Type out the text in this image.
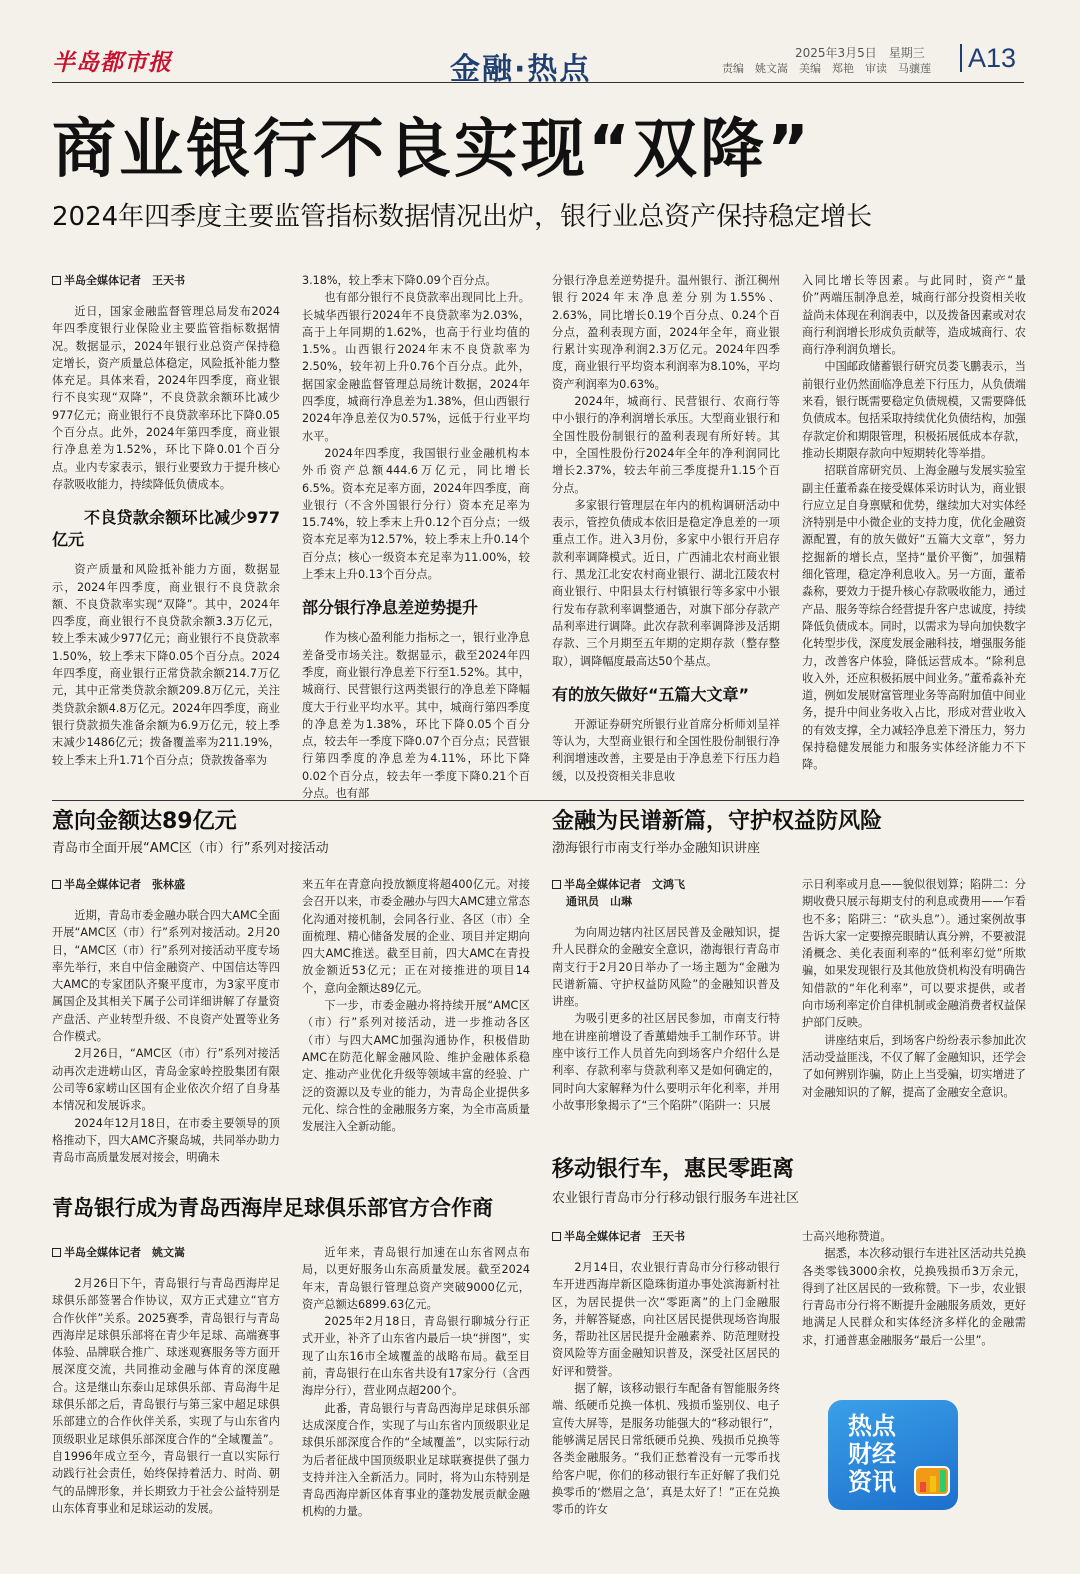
半岛都市报	金融·热点	2025年3月5日　星期三
责编　姚文嵩　美编　郑艳　审读　马骧莲 A13
商业银行不良实现“双降”
2024年四季度主要监管指标数据情况出炉，银行业总资产保持稳定增长
半岛全媒体记者　王天书

近日，国家金融监督管理总局发布2024年四季度银行业保险业主要监管指标数据情况。数据显示，2024年银行业总资产保持稳定增长，资产质量总体稳定，风险抵补能力整体充足。具体来看，2024年四季度，商业银行不良实现“双降”，不良贷款余额环比减少977亿元；商业银行不良贷款率环比下降0.05个百分点。此外，2024年第四季度，商业银行净息差为1.52%，环比下降0.01个百分点。业内专家表示，银行业要致力于提升核心存款吸收能力，持续降低负债成本。

不良贷款余额环比减少977亿元

资产质量和风险抵补能力方面，数据显示，2024年四季度，商业银行不良贷款余额、不良贷款率实现“双降”。其中，2024年四季度，商业银行不良贷款余额3.3万亿元，较上季末减少977亿元；商业银行不良贷款率1.50%，较上季末下降0.05个百分点。2024年四季度，商业银行正常贷款余额214.7万亿元，其中正常类贷款余额209.8万亿元，关注类贷款余额4.8万亿元。2024年四季度，商业银行贷款损失准备余额为6.9万亿元，较上季末减少1486亿元；拨备覆盖率为211.19%，较上季末上升1.71个百分点；贷款拨备率为

3.18%，较上季末下降0.09个百分点。

也有部分银行不良贷款率出现同比上升。长城华西银行2024年不良贷款率为2.03%，高于上年同期的1.62%，也高于行业均值的1.5%。山西银行2024年末不良贷款率为2.50%，较年初上升0.76个百分点。此外，据国家金融监督管理总局统计数据，2024年四季度，城商行净息差为1.38%，但山西银行2024年净息差仅为0.57%，远低于行业平均水平。

2024年四季度，我国银行业金融机构本外币资产总额444.6万亿元，同比增长6.5%。资本充足率方面，2024年四季度，商业银行（不含外国银行分行）资本充足率为15.74%，较上季末上升0.12个百分点；一级资本充足率为12.57%，较上季末上升0.14个百分点；核心一级资本充足率为11.00%，较上季末上升0.13个百分点。

部分银行净息差逆势提升

作为核心盈利能力指标之一，银行业净息差备受市场关注。数据显示，截至2024年四季度，商业银行净息差下行至1.52%。其中，城商行、民营银行这两类银行的净息差下降幅度大于行业平均水平。其中，城商行第四季度的净息差为1.38%，环比下降0.05个百分点，较去年一季度下降0.07个百分点；民营银行第四季度的净息差为4.11%，环比下降0.02个百分点，较去年一季度下降0.21个百分点。也有部

分银行净息差逆势提升。温州银行、浙江稠州银行2024年末净息差分别为1.55%、2.63%，同比增长0.19个百分点、0.24个百分点，盈利表现方面，2024年全年，商业银行累计实现净利润2.3万亿元。2024年四季度，商业银行平均资本利润率为8.10%，平均资产利润率为0.63%。

2024年，城商行、民营银行、农商行等中小银行的净利润增长承压。大型商业银行和全国性股份制银行的盈利表现有所好转。其中，全国性股份行2024年全年的净利润同比增长2.37%，较去年前三季度提升1.15个百分点。

多家银行管理层在年内的机构调研活动中表示，管控负债成本依旧是稳定净息差的一项重点工作。进入3月份，多家中小银行开启存款利率调降模式。近日，广西浦北农村商业银行、黑龙江北安农村商业银行、湖北江陵农村商业银行、中阳县太行村镇银行等多家中小银行发布存款利率调整通告，对旗下部分存款产品利率进行调降。此次存款利率调降涉及活期存款、三个月期至五年期的定期存款（整存整取），调降幅度最高达50个基点。

有的放矢做好“五篇大文章”

开源证券研究所银行业首席分析师刘呈祥等认为，大型商业银行和全国性股份制银行净利润增速改善，主要是由于净息差下行压力趋缓，以及投资相关非息收

入同比增长等因素。与此同时，资产“量价”两端压制净息差，城商行部分投资相关收益尚未体现在利润表中，以及拨备因素或对农商行利润增长形成负贡献等，造成城商行、农商行净利润负增长。

中国邮政储蓄银行研究员娄飞鹏表示，当前银行业仍然面临净息差下行压力，从负债端来看，银行既需要稳定负债规模，又需要降低负债成本。包括采取持续优化负债结构，加强存款定价和期限管理，积极拓展低成本存款，推动长期限存款向中短期转化等举措。

招联首席研究员、上海金融与发展实验室副主任董希淼在接受媒体采访时认为，商业银行应立足自身禀赋和优势，继续加大对实体经济特别是中小微企业的支持力度，优化金融资源配置，有的放矢做好“五篇大文章”，努力挖掘新的增长点，坚持“量价平衡”，加强精细化管理，稳定净利息收入。另一方面，董希淼称，要效力于提升核心存款吸收能力，通过产品、服务等综合经营提升客户忠诚度，持续降低负债成本。同时，以需求为导向加快数字化转型步伐，深度发展金融科技，增强服务能力，改善客户体验，降低运营成本。“除利息收入外，还应积极拓展中间业务。”董希淼补充道，例如发展财富管理业务等高附加值中间业务，提升中间业务收入占比，形成对营业收入的有效支撑，全力减轻净息差下滑压力，努力保持稳健发展能力和服务实体经济能力不下降。

意向金额达89亿元
青岛市全面开展“AMC区（市）行”系列对接活动
半岛全媒体记者　张林盛

近期，青岛市委金融办联合四大AMC全面开展“AMC区（市）行”系列对接活动。2月20日，“AMC区（市）行”系列对接活动平度专场率先举行，来自中信金融资产、中国信达等四大AMC的专家团队齐聚平度市，为3家平度市属国企及其相关下属子公司详细讲解了存量资产盘活、产业转型升级、不良资产处置等业务合作模式。

2月26日，“AMC区（市）行”系列对接活动再次走进崂山区，青岛金家岭控股集团有限公司等6家崂山区国有企业依次介绍了自身基本情况和发展诉求。

2024年12月18日，在市委主要领导的顶格推动下，四大AMC齐聚岛城，共同举办助力青岛市高质量发展对接会，明确未

来五年在青意向投放额度将超400亿元。对接会召开以来，市委金融办与四大AMC建立常态化沟通对接机制，会同各行业、各区（市）全面梳理、精心储备发展的企业、项目并定期向四大AMC推送。截至目前，四大AMC在青投放金额近53亿元；正在对接推进的项目14个，意向金额达89亿元。

下一步，市委金融办将持续开展“AMC区（市）行”系列对接活动，进一步推动各区（市）与四大AMC加强沟通协作，积极借助AMC在防范化解金融风险、维护金融体系稳定、推动产业优化升级等领域丰富的经验、广泛的资源以及专业的能力，为青岛企业提供多元化、综合性的金融服务方案，为全市高质量发展注入全新动能。

青岛银行成为青岛西海岸足球俱乐部官方合作商
半岛全媒体记者　姚文嵩

2月26日下午，青岛银行与青岛西海岸足球俱乐部签署合作协议，双方正式建立“官方合作伙伴”关系。2025赛季，青岛银行与青岛西海岸足球俱乐部将在青少年足球、高端赛事体验、品牌联合推广、球迷观赛服务等方面开展深度交流，共同推动金融与体育的深度融合。这是继山东泰山足球俱乐部、青岛海牛足球俱乐部之后，青岛银行与第三家中超足球俱乐部建立的合作伙伴关系，实现了与山东省内顶级职业足球俱乐部深度合作的“全域覆盖”。自1996年成立至今，青岛银行一直以实际行动践行社会责任，始终保持着活力、时尚、朝气的品牌形象，并长期致力于社会公益特别是山东体育事业和足球运动的发展。

近年来，青岛银行加速在山东省网点布局，以更好服务山东高质量发展。截至2024年末，青岛银行管理总资产突破9000亿元，资产总额达6899.63亿元。

2025年2月18日，青岛银行聊城分行正式开业，补齐了山东省内最后一块“拼图”，实现了山东16市全域覆盖的战略布局。截至目前，青岛银行在山东省共设有17家分行（含西海岸分行），营业网点超200个。

此番，青岛银行与青岛西海岸足球俱乐部达成深度合作，实现了与山东省内顶级职业足球俱乐部深度合作的“全域覆盖”，以实际行动为后者征战中国顶级职业足球联赛提供了强力支持并注入全新活力。同时，将为山东特别是青岛西海岸新区体育事业的蓬勃发展贡献金融机构的力量。

金融为民谱新篇，守护权益防风险
渤海银行市南支行举办金融知识讲座
半岛全媒体记者　文鸿飞
通讯员　山琳

为向周边辖内社区居民普及金融知识，提升人民群众的金融安全意识，渤海银行青岛市南支行于2月20日举办了一场主题为“金融为民谱新篇、守护权益防风险”的金融知识普及讲座。

为吸引更多的社区居民参加，市南支行特地在讲座前增设了香薰蜡烛手工制作环节。讲座中该行工作人员首先向到场客户介绍什么是利率、存款利率与贷款利率又是如何确定的，同时向大家解释为什么要明示年化利率，并用小故事形象揭示了“三个陷阱”（陷阱一：只展

示日利率或月息——貌似很划算；陷阱二：分期收费只展示每期支付的利息或费用——乍看也不多；陷阱三：“砍头息”）。通过案例故事告诉大家一定要擦亮眼睛认真分辨，不要被混淆概念、美化表面利率的“低利率幻觉”所欺骗，如果发现银行及其他放贷机构没有明确告知借款的“年化利率”，可以要求提供，或者向市场利率定价自律机制或金融消费者权益保护部门反映。

讲座结束后，到场客户纷纷表示参加此次活动受益匪浅，不仅了解了金融知识，还学会了如何辨别诈骗，防止上当受骗，切实增进了对金融知识的了解，提高了金融安全意识。

移动银行车，惠民零距离
农业银行青岛市分行移动银行服务车进社区
半岛全媒体记者　王天书

2月14日，农业银行青岛市分行移动银行车开进西海岸新区隐珠街道办事处滨海新村社区，为居民提供一次“零距离”的上门金融服务，并解答疑惑，向社区居民提供现场咨询服务，帮助社区居民提升金融素养、防范理财投资风险等方面金融知识普及，深受社区居民的好评和赞誉。

据了解，该移动银行车配备有智能服务终端、纸硬币兑换一体机、残损币鉴别仪、电子宣传大屏等，是服务功能强大的“移动银行”，能够满足居民日常纸硬币兑换、残损币兑换等各类金融服务。“我们正愁着没有一元零币找给客户呢，你们的移动银行车正好解了我们兑换零币的‘燃眉之急’，真是太好了！”正在兑换零币的许女

士高兴地称赞道。

据悉，本次移动银行车进社区活动共兑换各类零钱3000余枚，兑换残损币3万余元，得到了社区居民的一致称赞。下一步，农业银行青岛市分行将不断提升金融服务质效，更好地满足人民群众和实体经济多样化的金融需求，打通普惠金融服务“最后一公里”。

热点
财经
资讯
